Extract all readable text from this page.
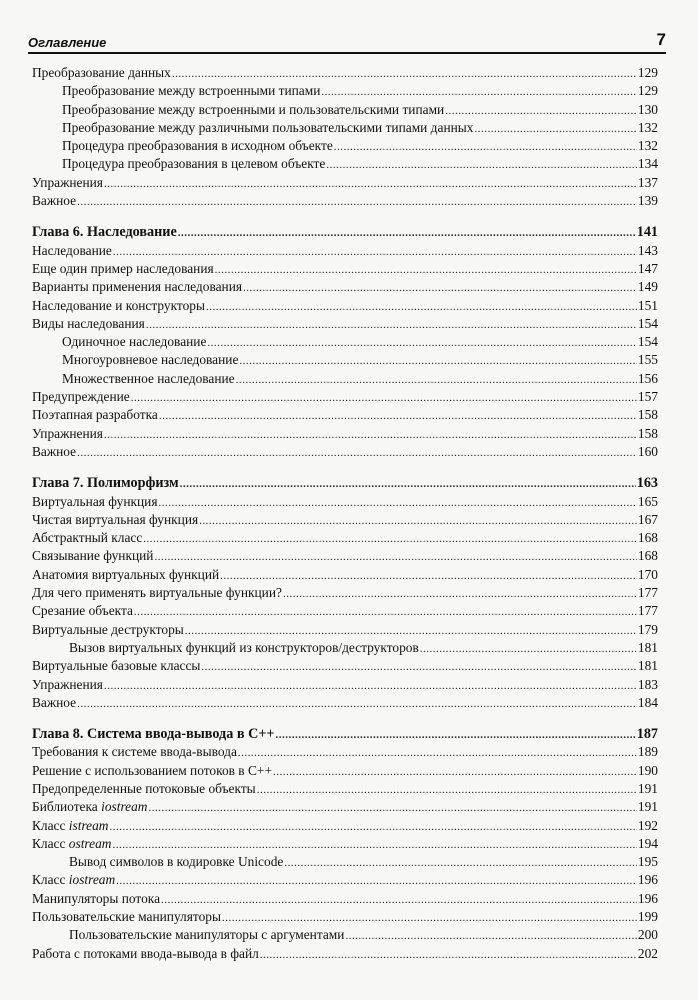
Оглавление	7
Преобразование данных .....	129
Преобразование между встроенными типами .....	129
Преобразование между встроенными и пользовательскими типами .....	130
Преобразование между различными пользовательскими типами данных .....	132
Процедура преобразования в исходном объекте .....	132
Процедура преобразования в целевом объекте .....	134
Упражнения .....	137
Важное .....	139
Глава 6. Наследование .....	141
Наследование .....	143
Еще один пример наследования .....	147
Варианты применения наследования .....	149
Наследование и конструкторы .....	151
Виды наследования .....	154
Одиночное наследование .....	154
Многоуровневое наследование .....	155
Множественное наследование .....	156
Предупреждение .....	157
Поэтапная разработка .....	158
Упражнения .....	158
Важное .....	160
Глава 7. Полиморфизм .....	163
Виртуальная функция .....	165
Чистая виртуальная функция .....	167
Абстрактный класс .....	168
Связывание функций .....	168
Анатомия виртуальных функций .....	170
Для чего применять виртуальные функции? .....	177
Срезание объекта .....	177
Виртуальные деструкторы .....	179
Вызов виртуальных функций из конструкторов/деструкторов .....	181
Виртуальные базовые классы .....	181
Упражнения .....	183
Важное .....	184
Глава 8. Система ввода-вывода в С++ .....	187
Требования к системе ввода-вывода .....	189
Решение с использованием потоков в С++ .....	190
Предопределенные потоковые объекты .....	191
Библиотека iostream .....	191
Класс istream .....	192
Класс ostream .....	194
Вывод символов в кодировке Unicode .....	195
Класс iostream .....	196
Манипуляторы потока .....	196
Пользовательские манипуляторы .....	199
Пользовательские манипуляторы с аргументами .....	200
Работа с потоками ввода-вывода в файл .....	202
